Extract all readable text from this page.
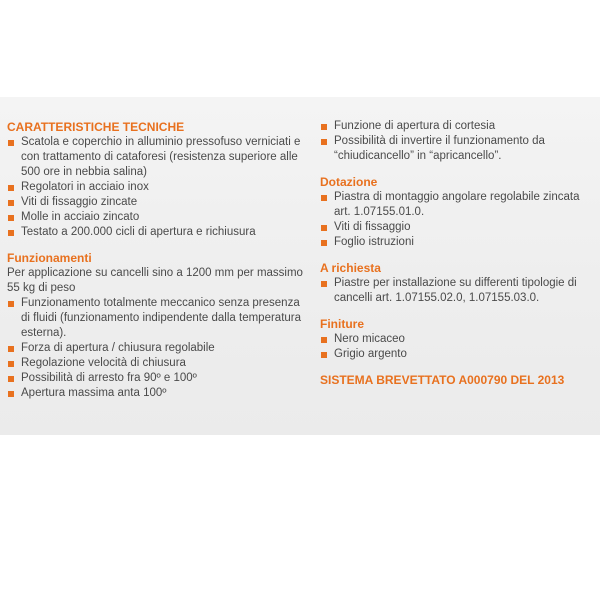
CARATTERISTICHE TECNICHE
Scatola e coperchio in alluminio pressofuso verniciati e con trattamento di cataforesi (resistenza superiore alle 500 ore in nebbia salina)
Regolatori in acciaio inox
Viti di fissaggio zincate
Molle in acciaio zincato
Testato a 200.000 cicli di apertura e richiusura
Funzionamenti

Per applicazione su cancelli sino a 1200 mm per massimo 55 kg di peso

Funzionamento totalmente meccanico senza presenza di fluidi (funzionamento indipendente dalla temperatura esterna).
Forza di apertura / chiusura regolabile
Regolazione velocità di chiusura
Possibilità di arresto fra 90º e 100º
Apertura massima anta 100º
Funzione di apertura di cortesia
Possibilità di invertire il funzionamento da “chiudicancello” in “apricancello”.
Dotazione
Piastra di montaggio angolare regolabile zincata art. 1.07155.01.0.
Viti di fissaggio
Foglio istruzioni
A richiesta
Piastre per installazione su differenti tipologie di cancelli art. 1.07155.02.0, 1.07155.03.0.
Finiture
Nero micaceo
Grigio argento

SISTEMA BREVETTATO A000790 DEL 2013
